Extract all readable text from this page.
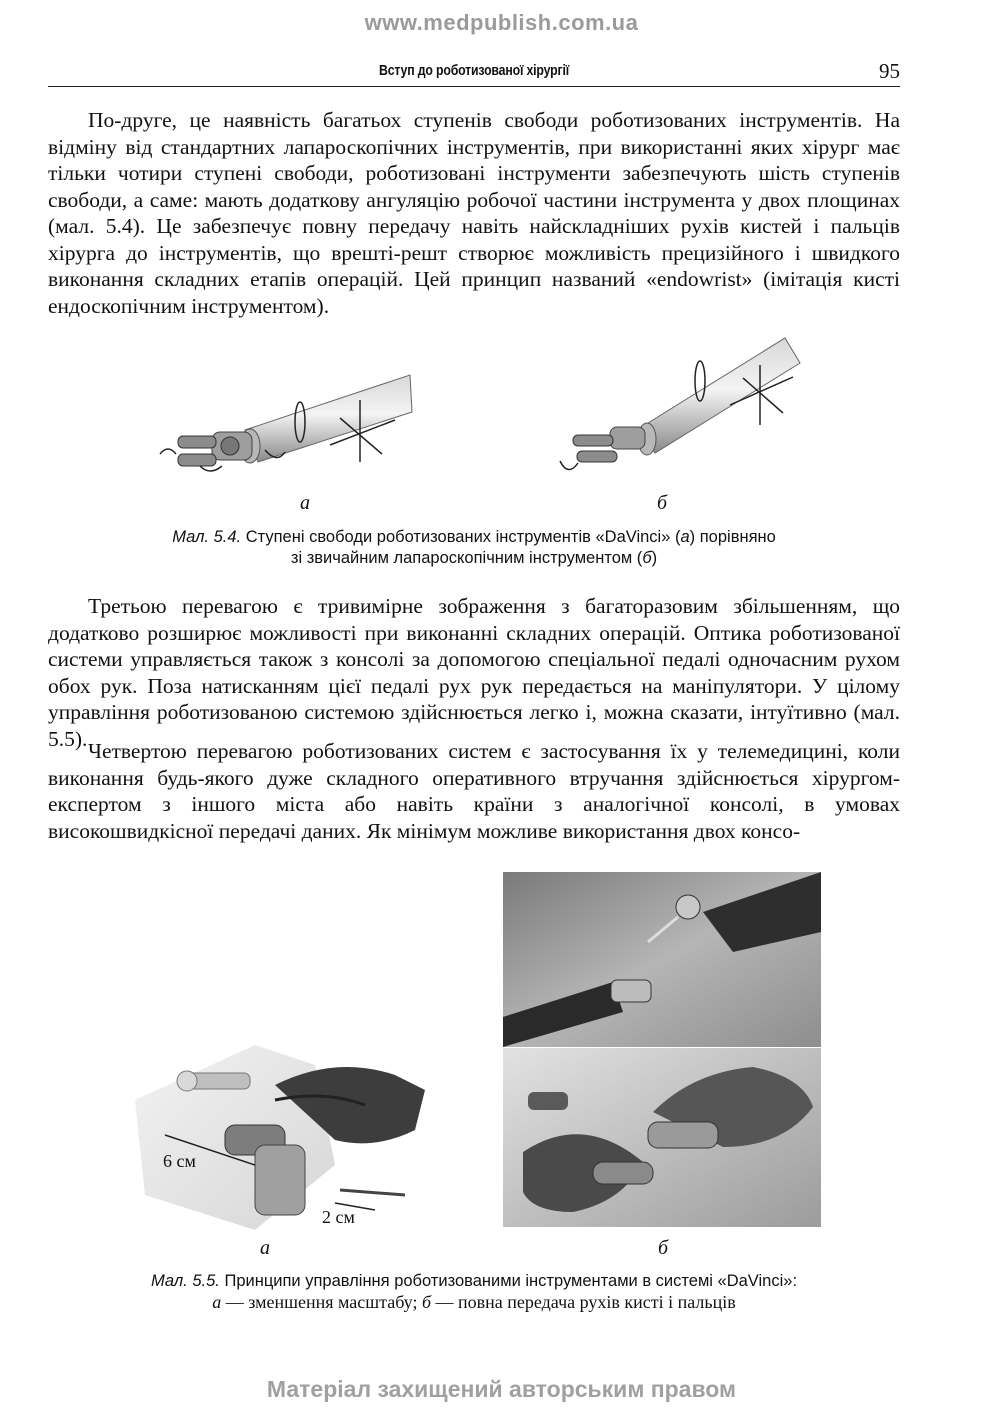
www.medpublish.com.ua
Вступ до роботизованої хірургії	95

По-друге, це наявність багатьох ступенів свободи роботизованих інструментів. На відміну від стандартних лапароскопічних інструментів, при використанні яких хірург має тільки чотири ступені свободи, роботизовані інструменти забезпечують шість ступенів свободи, а саме: мають додаткову ангуляцію робочої частини інструмента у двох площинах (мал. 5.4). Це забезпечує повну передачу навіть найскладніших рухів кистей і пальців хірурга до інструментів, що врешті-решт створює можливість прецизійного і швидкого виконання складних етапів операцій. Цей принцип названий «endowrist» (імітація кисті ендоскопічним інструментом).

а	б
Мал. 5.4. Ступені свободи роботизованих інструментів «DaVinci» (а) порівняно
зі звичайним лапароскопічним інструментом (б)

Третьою перевагою є тривимірне зображення з багаторазовим збільшенням, що додатково розширює можливості при виконанні складних операцій. Оптика роботизованої системи управляється також з консолі за допомогою спеціальної педалі одночасним рухом обох рук. Поза натисканням цієї педалі рух рук передається на маніпулятори. У цілому управління роботизованою системою здійснюється легко і, можна сказати, інтуїтивно (мал. 5.5).

Четвертою перевагою роботизованих систем є застосування їх у телемедицині, коли виконання будь-якого дуже складного оперативного втручання здійснюється хірургом-експертом з іншого міста або навіть країни з аналогічної консолі, в умовах високошвидкісної передачі даних. Як мінімум можливе використання двох консо-

6 см
2 см
а	б
Мал. 5.5. Принципи управління роботизованими інструментами в системі «DaVinci»:
а — зменшення масштабу; б — повна передача рухів кисті і пальців
Матеріал захищений авторським правом
